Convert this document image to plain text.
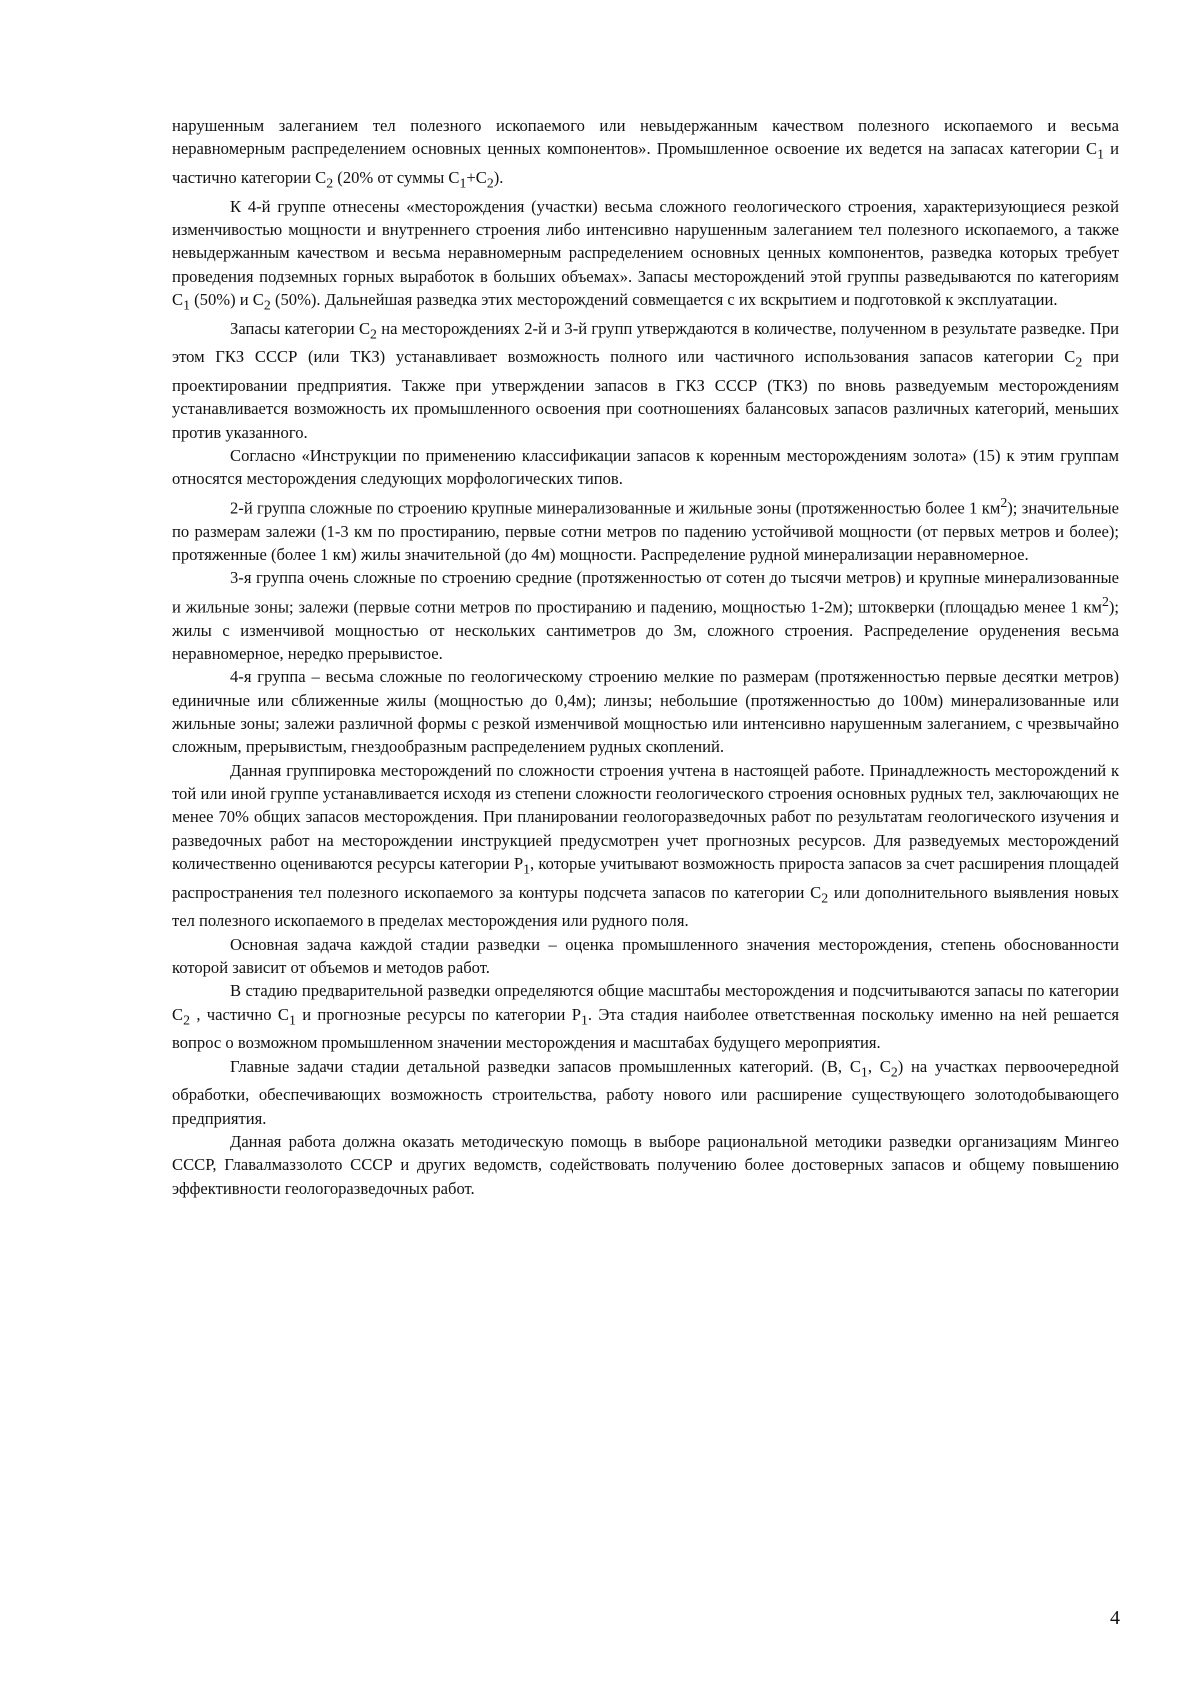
нарушенным залеганием тел полезного ископаемого или невыдержанным качеством полезного ископаемого и весьма неравномерным распределением основных ценных компонентов». Промышленное освоение их ведется на запасах категории $С_1$ и частично категории $С_2$ (20% от суммы $С_1+С_2$).

К 4-й группе отнесены «месторождения (участки) весьма сложного геологического строения, характеризующиеся резкой изменчивостью мощности и внутреннего строения либо интенсивно нарушенным залеганием тел полезного ископаемого, а также невыдержанным качеством и весьма неравномерным распределением основных ценных компонентов, разведка которых требует проведения подземных горных выработок в больших объемах». Запасы месторождений этой группы разведываются по категориям $С_1$ (50%) и $С_2$ (50%). Дальнейшая разведка этих месторождений совмещается с их вскрытием и подготовкой к эксплуатации.

Запасы категории $С_2$ на месторождениях 2-й и 3-й групп утверждаются в количестве, полученном в результате разведке. При этом ГКЗ СССР (или ТКЗ) устанавливает возможность полного или частичного использования запасов категории $С_2$ при проектировании предприятия. Также при утверждении запасов в ГКЗ СССР (ТКЗ) по вновь разведуемым месторождениям устанавливается возможность их промышленного освоения при соотношениях балансовых запасов различных категорий, меньших против указанного.

Согласно «Инструкции по применению классификации запасов к коренным месторождениям золота» (15) к этим группам относятся месторождения следующих морфологических типов.

2-й группа сложные по строению крупные минерализованные и жильные зоны (протяженностью более 1 $км^2$); значительные по размерам залежи (1-3 км по простиранию, первые сотни метров по падению устойчивой мощности (от первых метров и более); протяженные (более 1 км) жилы значительной (до 4м) мощности. Распределение рудной минерализации неравномерное.

3-я группа очень сложные по строению средние (протяженностью от сотен до тысячи метров) и крупные минерализованные и жильные зоны; залежи (первые сотни метров по простиранию и падению, мощностью 1-2м); штокверки (площадью менее 1 $км^2$); жилы с изменчивой мощностью от нескольких сантиметров до 3м, сложного строения. Распределение оруденения весьма неравномерное, нередко прерывистое.

4-я группа – весьма сложные по геологическому строению мелкие по размерам (протяженностью первые десятки метров) единичные или сближенные жилы (мощностью до 0,4м); линзы; небольшие (протяженностью до 100м) минерализованные или жильные зоны; залежи различной формы с резкой изменчивой мощностью или интенсивно нарушенным залеганием, с чрезвычайно сложным, прерывистым, гнездообразным распределением рудных скоплений.

Данная группировка месторождений по сложности строения учтена в настоящей работе. Принадлежность месторождений к той или иной группе устанавливается исходя из степени сложности геологического строения основных рудных тел, заключающих не менее 70% общих запасов месторождения. При планировании геологоразведочных работ по результатам геологического изучения и разведочных работ на месторождении инструкцией предусмотрен учет прогнозных ресурсов. Для разведуемых месторождений количественно оцениваются ресурсы категории $Р_1$, которые учитывают возможность прироста запасов за счет расширения площадей распространения тел полезного ископаемого за контуры подсчета запасов по категории $С_2$ или дополнительного выявления новых тел полезного ископаемого в пределах месторождения или рудного поля.

Основная задача каждой стадии разведки – оценка промышленного значения месторождения, степень обоснованности которой зависит от объемов и методов работ.

В стадию предварительной разведки определяются общие масштабы месторождения и подсчитываются запасы по категории $С_2$ , частично $С_1$ и прогнозные ресурсы по категории $Р_1$. Эта стадия наиболее ответственная поскольку именно на ней решается вопрос о возможном промышленном значении месторождения и масштабах будущего мероприятия.

Главные задачи стадии детальной разведки запасов промышленных категорий. (В, $С_1$, $С_2$) на участках первоочередной обработки, обеспечивающих возможность строительства, работу нового или расширение существующего золотодобывающего предприятия.

Данная работа должна оказать методическую помощь в выборе рациональной методики разведки организациям Мингео СССР, Главалмаззолото СССР и других ведомств, содействовать получению более достоверных запасов и общему повышению эффективности геологоразведочных работ.

4
